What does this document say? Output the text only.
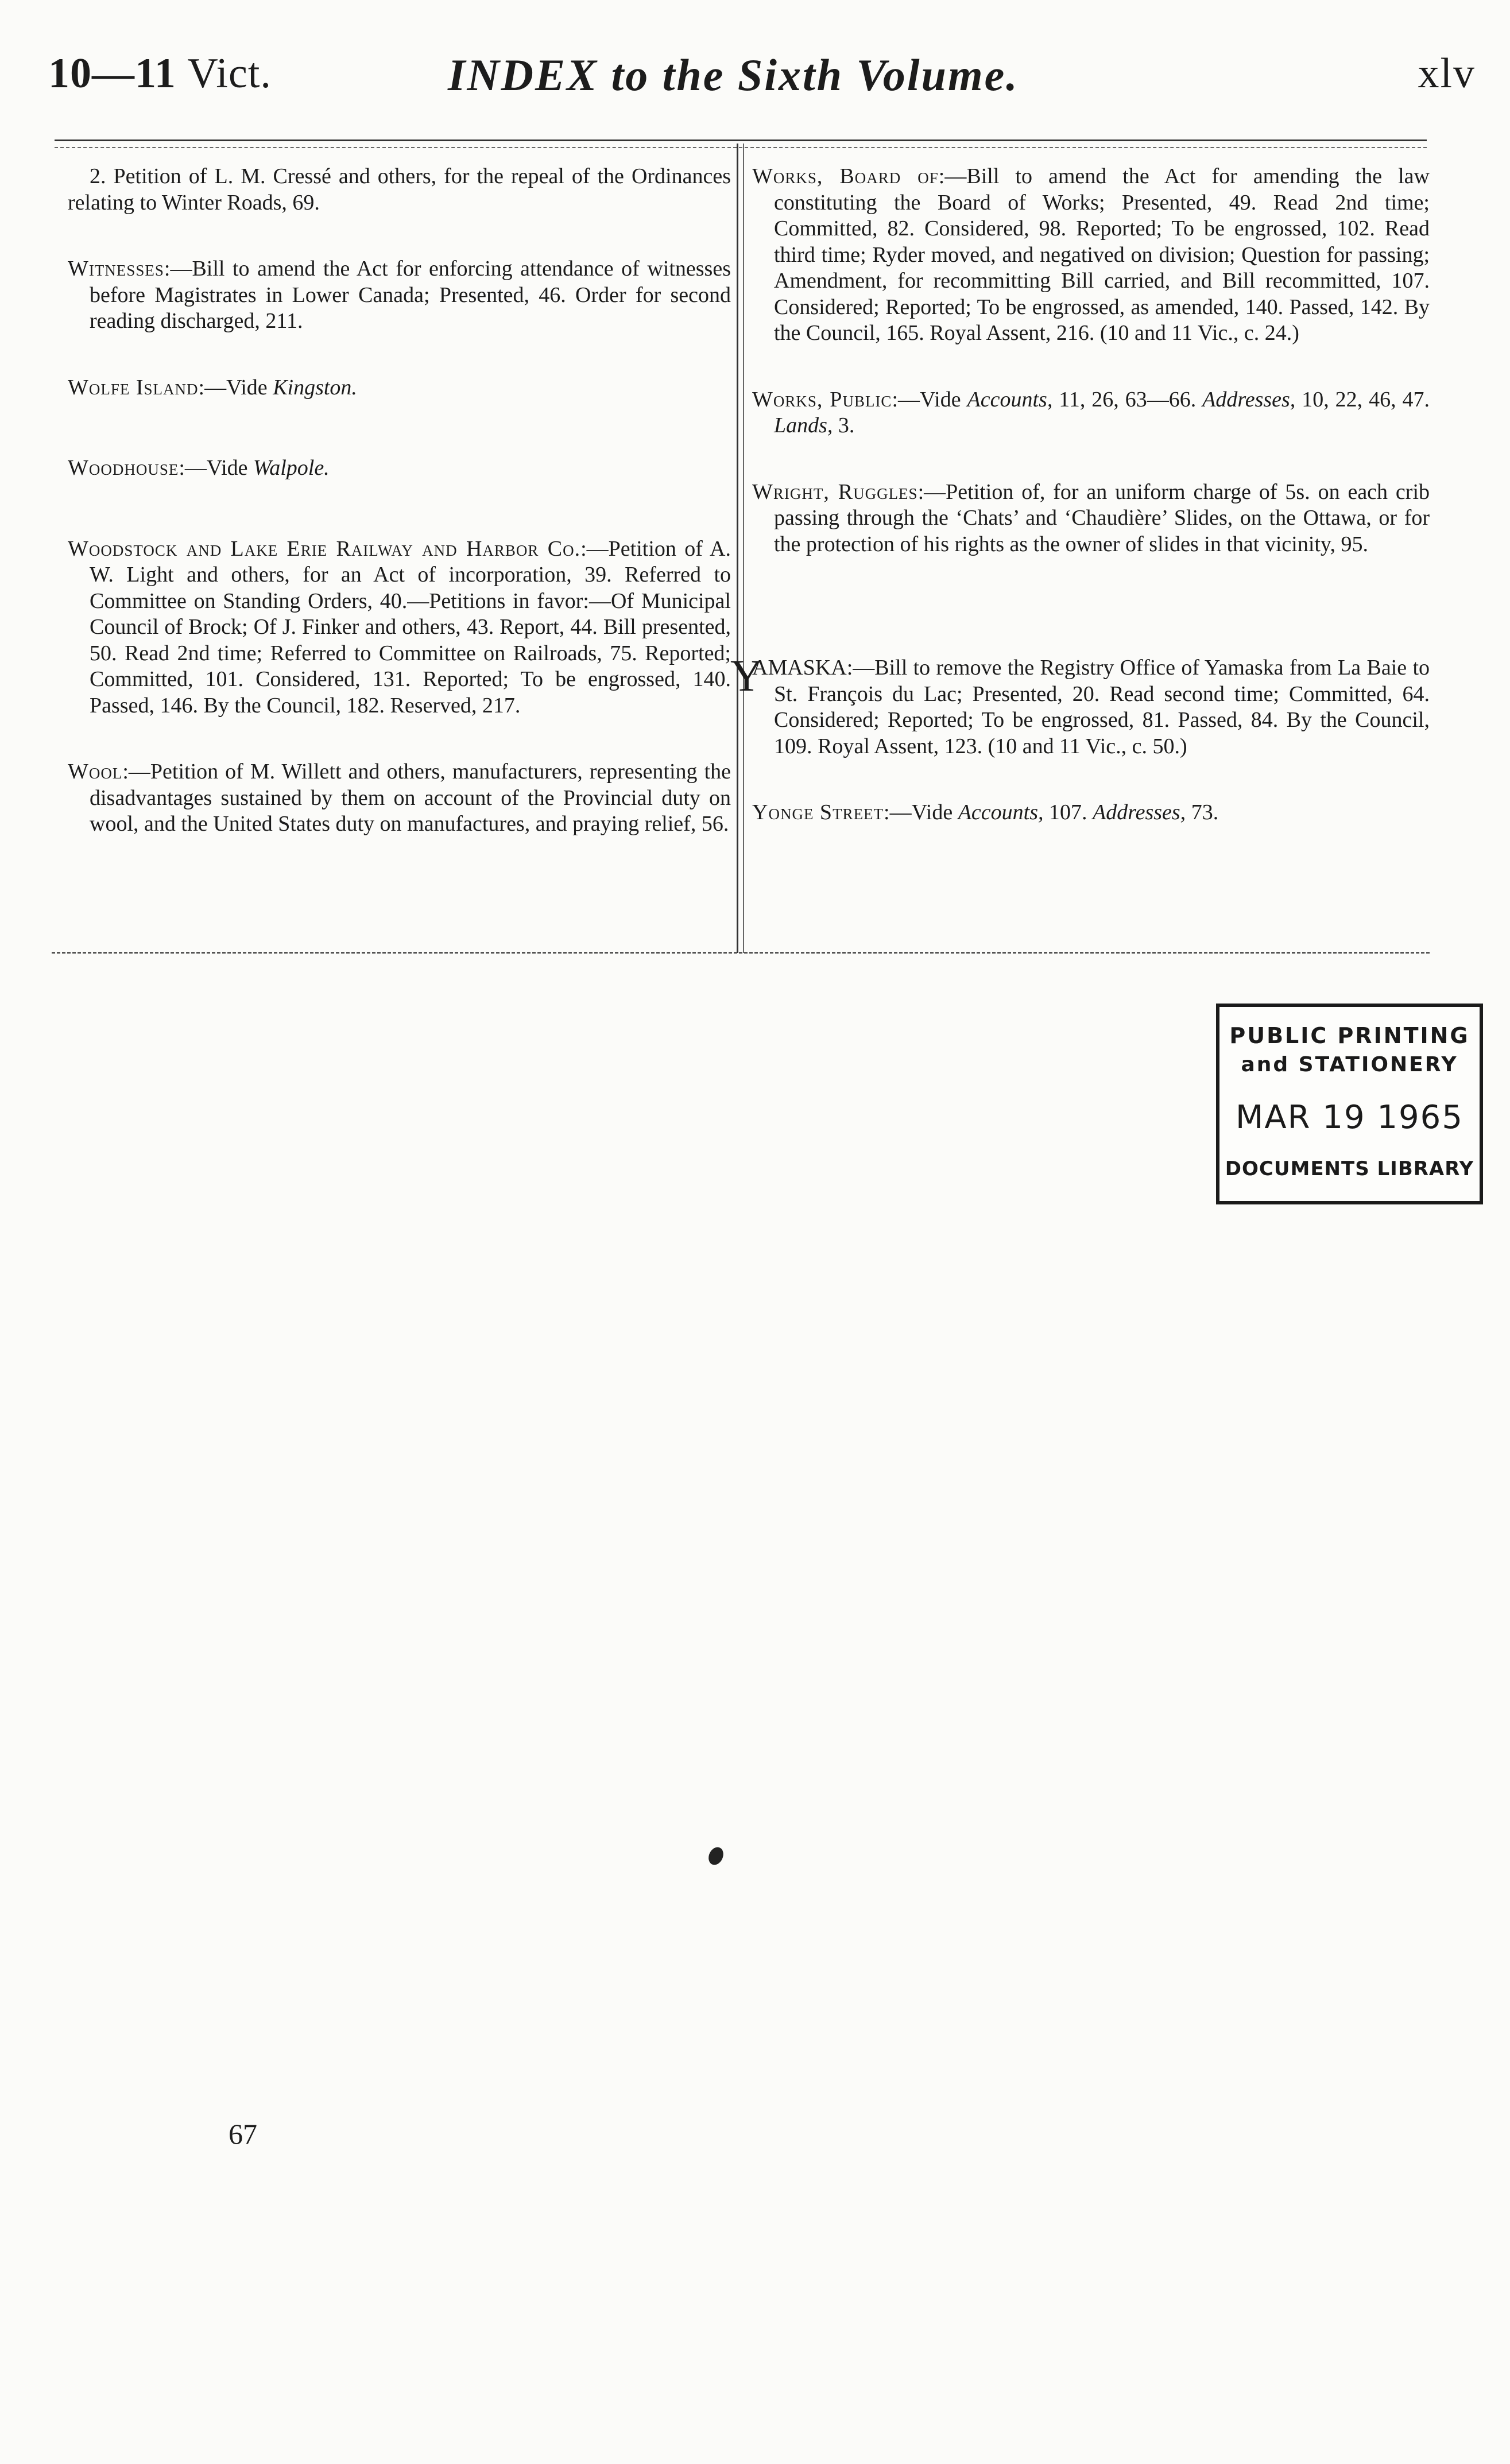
10—11 Vict.	INDEX to the Sixth Volume.	xlv

2. Petition of L. M. Cressé and others, for the repeal of the Ordinances relating to Winter Roads, 69.

Witnesses:—Bill to amend the Act for enforcing attendance of witnesses before Magistrates in Lower Canada; Presented, 46. Order for second reading discharged, 211.

Wolfe Island:—Vide Kingston.

Woodhouse:—Vide Walpole.

Woodstock and Lake Erie Railway and Harbor Co.:—Petition of A. W. Light and others, for an Act of incorporation, 39. Referred to Committee on Standing Orders, 40.—Petitions in favor:—Of Municipal Council of Brock; Of J. Finker and others, 43. Report, 44. Bill presented, 50. Read 2nd time; Referred to Committee on Railroads, 75. Reported; Committed, 101. Considered, 131. Reported; To be engrossed, 140. Passed, 146. By the Council, 182. Reserved, 217.

Wool:—Petition of M. Willett and others, manufacturers, representing the disadvantages sustained by them on account of the Provincial duty on wool, and the United States duty on manufactures, and praying relief, 56.

Works, Board of:—Bill to amend the Act for amending the law constituting the Board of Works; Presented, 49. Read 2nd time; Committed, 82. Considered, 98. Reported; To be engrossed, 102. Read third time; Ryder moved, and negatived on division; Question for passing; Amendment, for recommitting Bill carried, and Bill recommitted, 107. Considered; Reported; To be engrossed, as amended, 140. Passed, 142. By the Council, 165. Royal Assent, 216. (10 and 11 Vic., c. 24.)

Works, Public:—Vide Accounts, 11, 26, 63—66. Addresses, 10, 22, 46, 47. Lands, 3.

Wright, Ruggles:—Petition of, for an uniform charge of 5s. on each crib passing through the ‘Chats’ and ‘Chaudière’ Slides, on the Ottawa, or for the protection of his rights as the owner of slides in that vicinity, 95.

Y
AMASKA:—Bill to remove the Registry Office of Yamaska from La Baie to St. François du Lac; Presented, 20. Read second time; Committed, 64. Considered; Reported; To be engrossed, 81. Passed, 84. By the Council, 109. Royal Assent, 123. (10 and 11 Vic., c. 50.)

Yonge Street:—Vide Accounts, 107. Addresses, 73.

PUBLIC PRINTING
and STATIONERY
MAR 19 1965
DOCUMENTS LIBRARY
67
